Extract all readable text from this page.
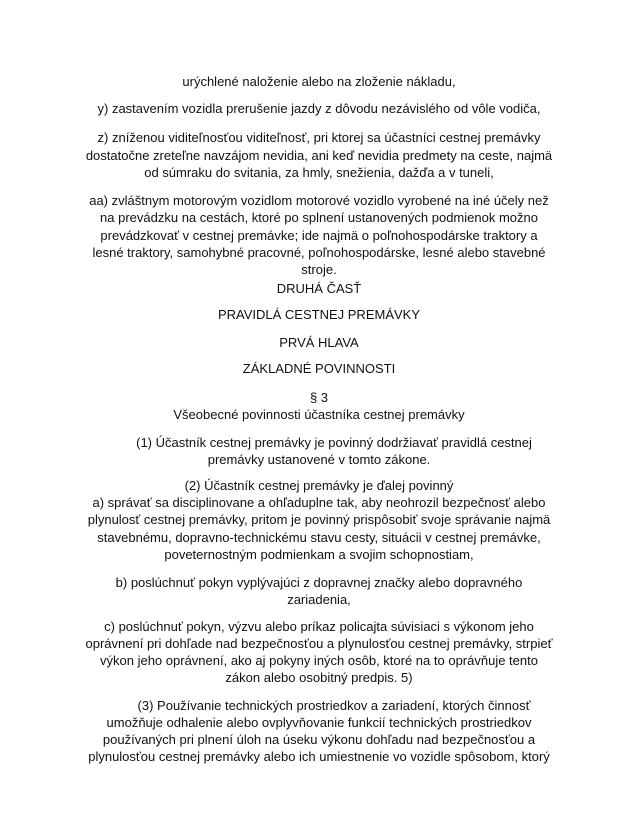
urýchlené naloženie alebo na zloženie nákladu,
y) zastavením vozidla prerušenie jazdy z dôvodu nezávislého od vôle vodiča,
z) zníženou viditeľnosťou viditeľnosť, pri ktorej sa účastníci cestnej premávky
dostatočne zreteľne navzájom nevidia, ani keď nevidia predmety na ceste, najmä
od súmraku do svitania, za hmly, snežienia, dažďa a v tuneli,
aa) zvláštnym motorovým vozidlom motorové vozidlo vyrobené na iné účely než
na prevádzku na cestách, ktoré po splnení ustanovených podmienok možno
prevádzkovať v cestnej premávke; ide najmä o poľnohospodárske traktory a
lesné traktory, samohybné pracovné, poľnohospodárske, lesné alebo stavebné
stroje.
DRUHÁ ČASŤ
PRAVIDLÁ CESTNEJ PREMÁVKY
PRVÁ HLAVA
ZÁKLADNÉ POVINNOSTI
§ 3
Všeobecné povinnosti účastníka cestnej premávky
(1) Účastník cestnej premávky je povinný dodržiavať pravidlá cestnej
premávky ustanovené v tomto zákone.
(2) Účastník cestnej premávky je ďalej povinný
a) správať sa disciplinovane a ohľaduplne tak, aby neohrozil bezpečnosť alebo
plynulosť cestnej premávky, pritom je povinný prispôsobiť svoje správanie najmä
stavebnému, dopravno-technickému stavu cesty, situácii v cestnej premávke,
poveternostným podmienkam a svojim schopnostiam,
b) poslúchnuť pokyn vyplývajúci z dopravnej značky alebo dopravného
zariadenia,
c) poslúchnuť pokyn, výzvu alebo príkaz policajta súvisiaci s výkonom jeho
oprávnení pri dohľade nad bezpečnosťou a plynulosťou cestnej premávky, strpieť
výkon jeho oprávnení, ako aj pokyny iných osôb, ktoré na to oprávňuje tento
zákon alebo osobitný predpis. 5)
(3) Používanie technických prostriedkov a zariadení, ktorých činnosť
umožňuje odhalenie alebo ovplyvňovanie funkcií technických prostriedkov
používaných pri plnení úloh na úseku výkonu dohľadu nad bezpečnosťou a
plynulosťou cestnej premávky alebo ich umiestnenie vo vozidle spôsobom, ktorý
